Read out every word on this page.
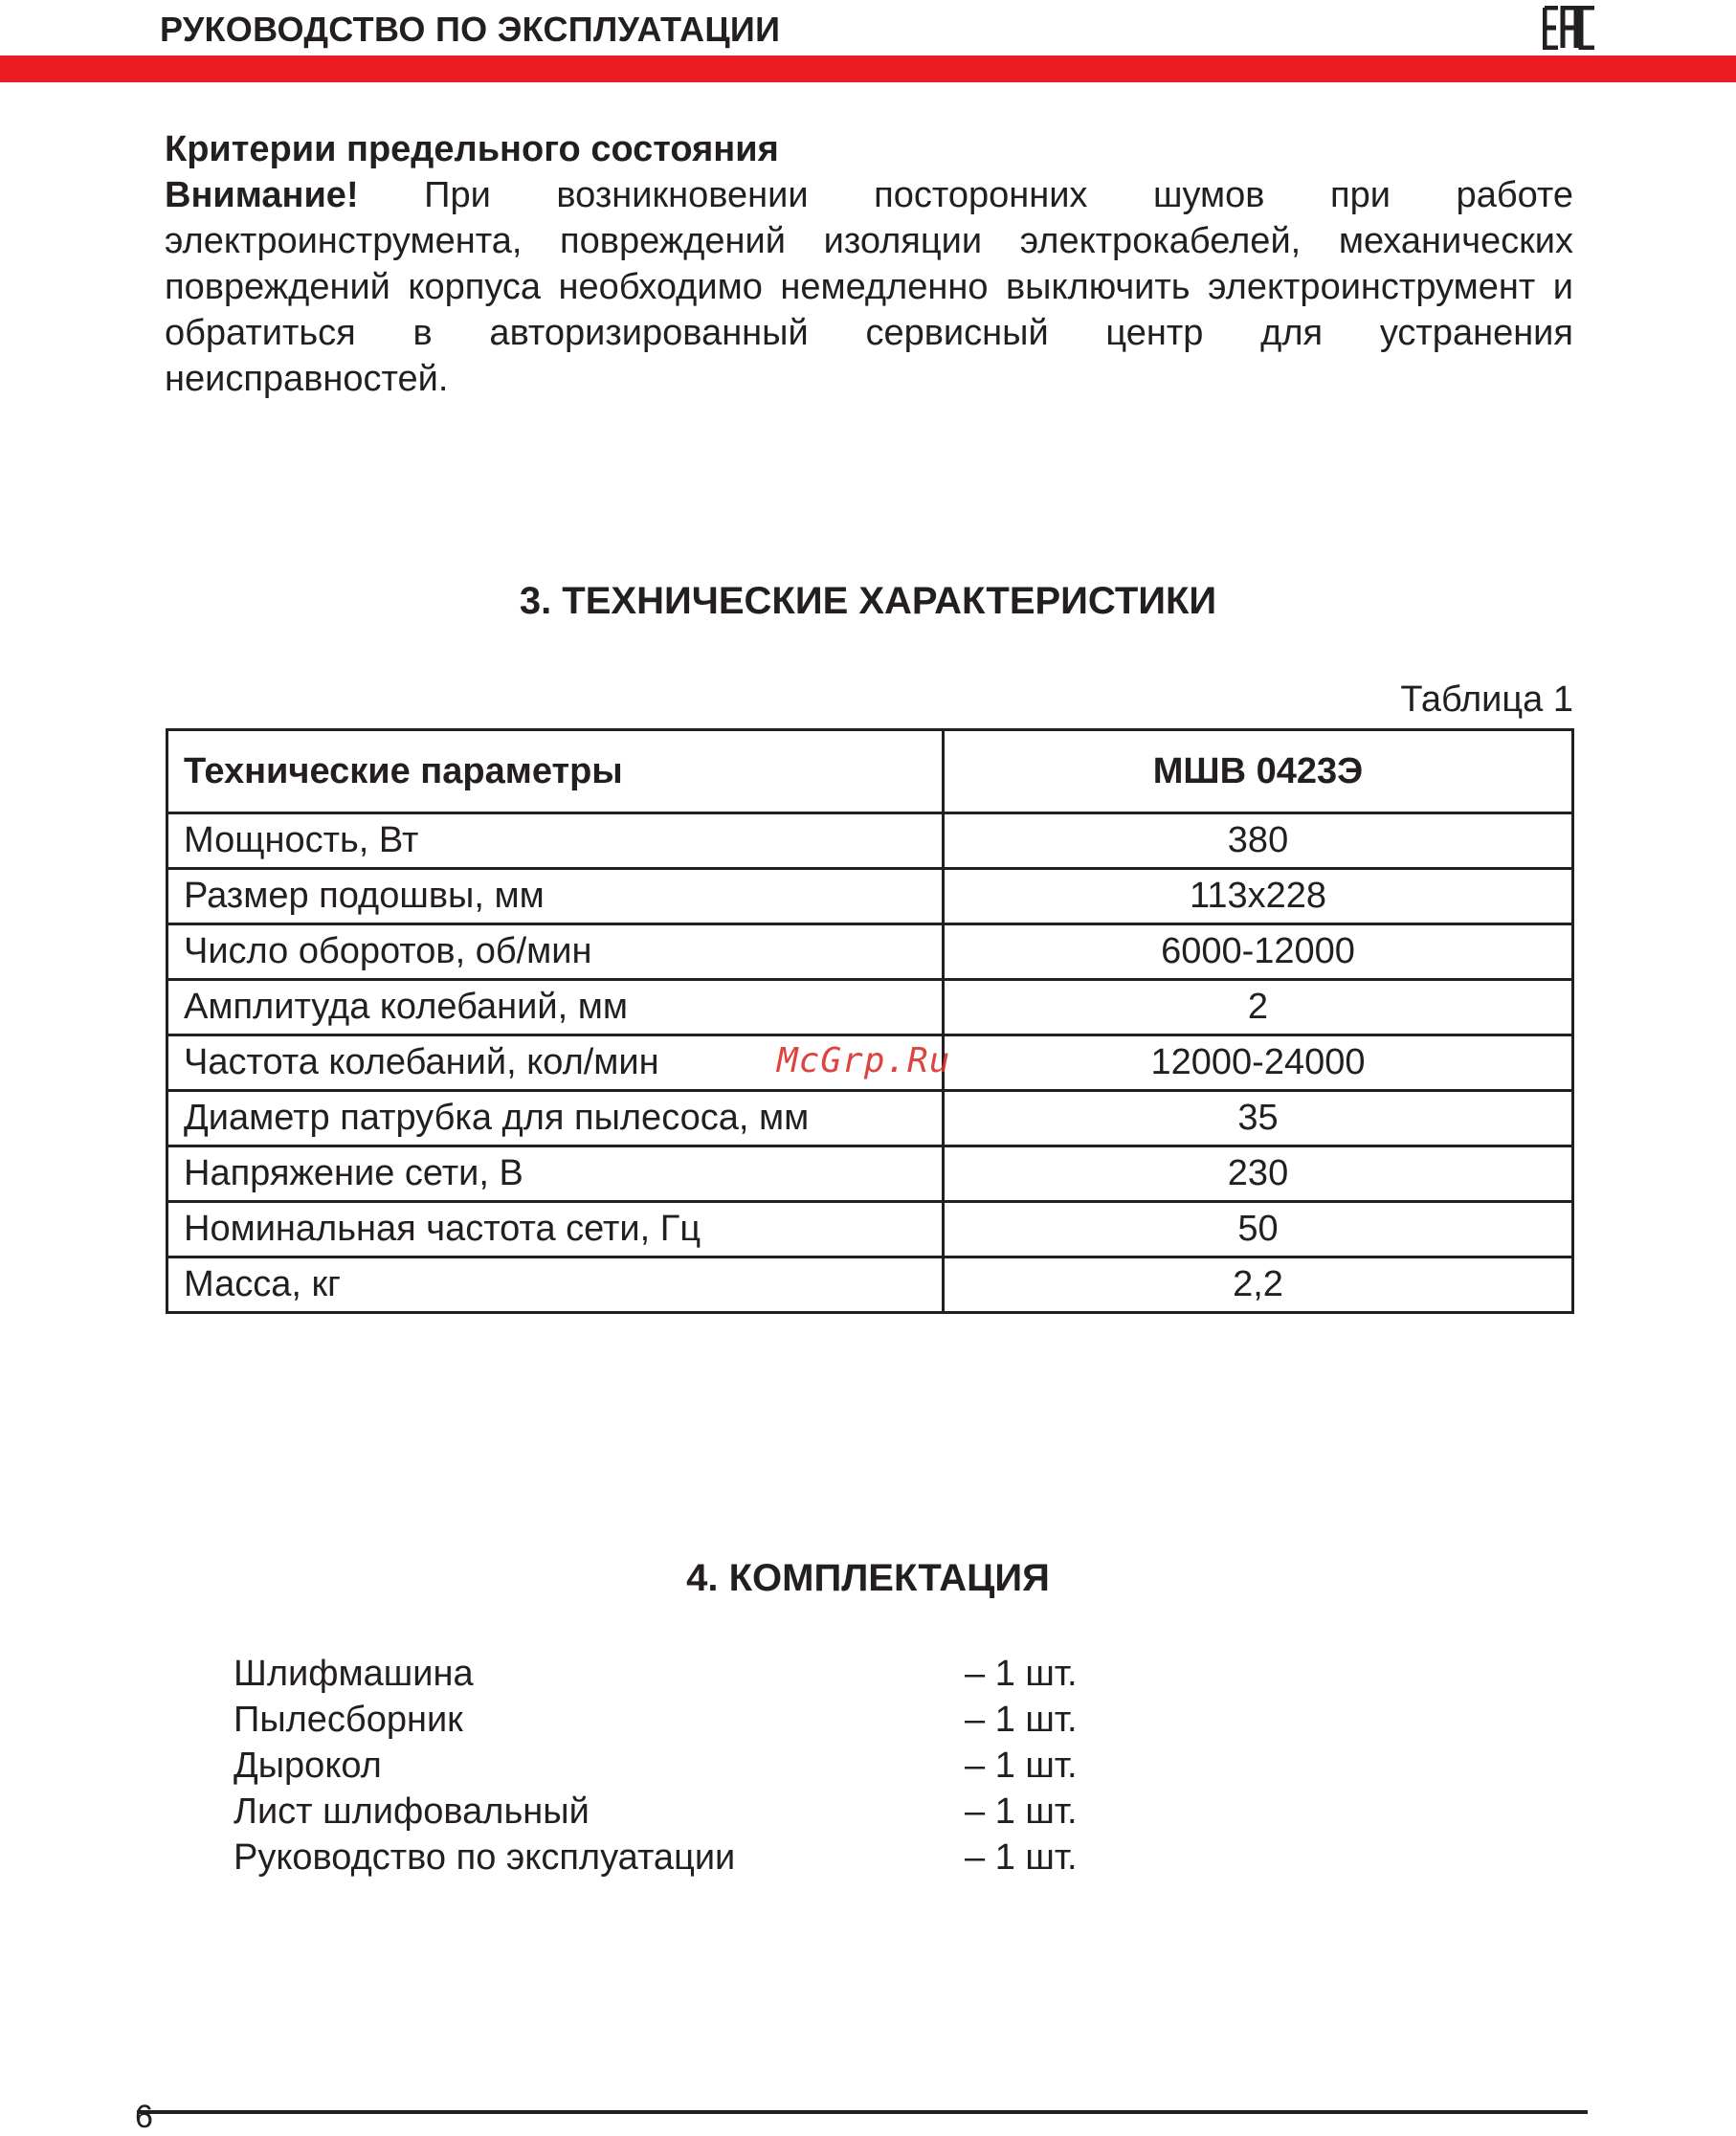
РУКОВОДСТВО ПО ЭКСПЛУАТАЦИИ
Критерии предельного состояния
Внимание! При возникновении посторонних шумов при работе электроинструмента, повреждений изоляции электрокабелей, механических повреждений корпуса необходимо немедленно выключить электроинструмент и обратиться в авторизированный сервисный центр для устранения неисправностей.
3. ТЕХНИЧЕСКИЕ ХАРАКТЕРИСТИКИ
Таблица 1
Технические параметры	МШВ 0423Э
Мощность, Вт	380
Размер подошвы, мм	113x228
Число оборотов, об/мин	6000-12000
Амплитуда колебаний, мм	2
Частота колебаний, кол/мин	12000-24000
Диаметр патрубка для пылесоса, мм	35
Напряжение сети, В	230
Номинальная частота сети, Гц	50
Масса, кг	2,2
McGrp.Ru
4. КОМПЛЕКТАЦИЯ
Шлифмашина	– 1 шт.
Пылесборник	– 1 шт.
Дырокол	– 1 шт.
Лист шлифовальный	– 1 шт.
Руководство по эксплуатации	– 1 шт.
6
